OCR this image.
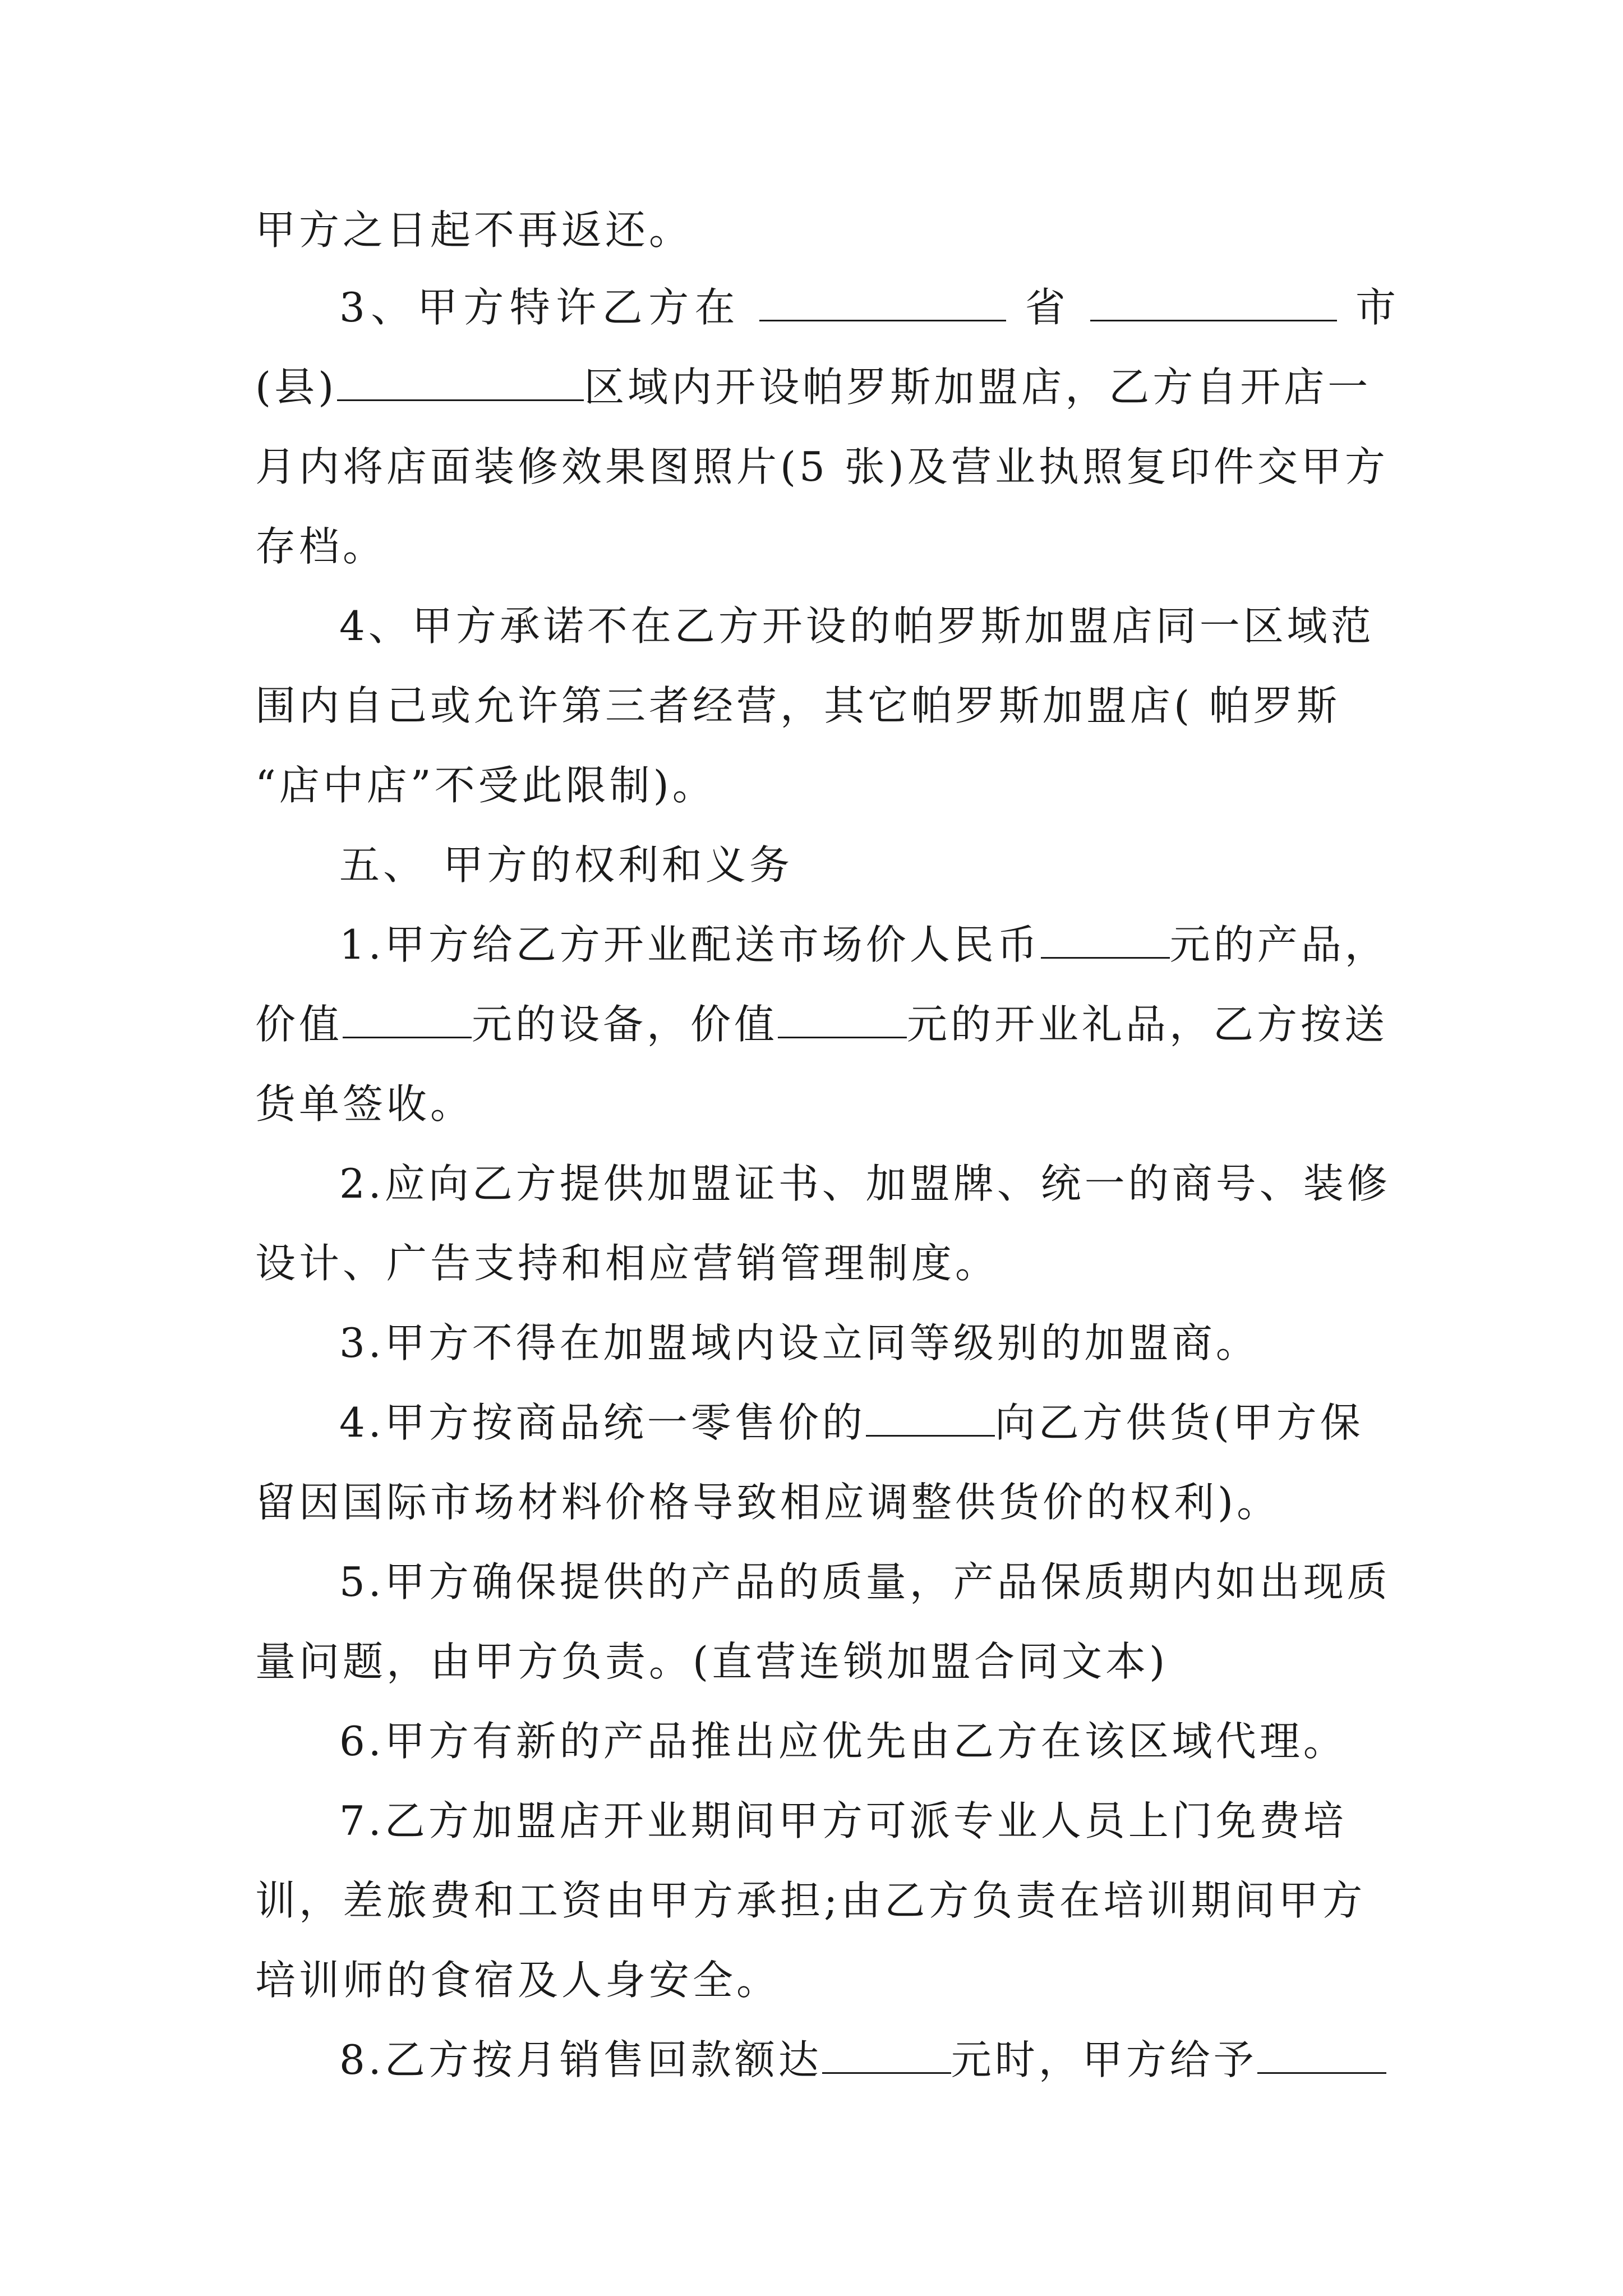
甲方之日起不再返还。
3、甲方特许乙方在	省	市
(县)	区域内开设帕罗斯加盟店，乙方自开店一
月内将店面装修效果图照片(5 张)及营业执照复印件交甲方
存档。
4、甲方承诺不在乙方开设的帕罗斯加盟店同一区域范
围内自己或允许第三者经营，其它帕罗斯加盟店( 帕罗斯
“店中店”不受此限制)。
五、 甲方的权利和义务
1.甲方给乙方开业配送市场价人民币	元的产品，
价值	元的设备，价值	元的开业礼品，乙方按送
货单签收。
2.应向乙方提供加盟证书、加盟牌、统一的商号、装修
设计、广告支持和相应营销管理制度。
3.甲方不得在加盟域内设立同等级别的加盟商。
4.甲方按商品统一零售价的	向乙方供货(甲方保
留因国际市场材料价格导致相应调整供货价的权利)。
5.甲方确保提供的产品的质量，产品保质期内如出现质
量问题，由甲方负责。(直营连锁加盟合同文本)
6.甲方有新的产品推出应优先由乙方在该区域代理。
7.乙方加盟店开业期间甲方可派专业人员上门免费培
训，差旅费和工资由甲方承担;由乙方负责在培训期间甲方
培训师的食宿及人身安全。
8.乙方按月销售回款额达	元时，甲方给予
